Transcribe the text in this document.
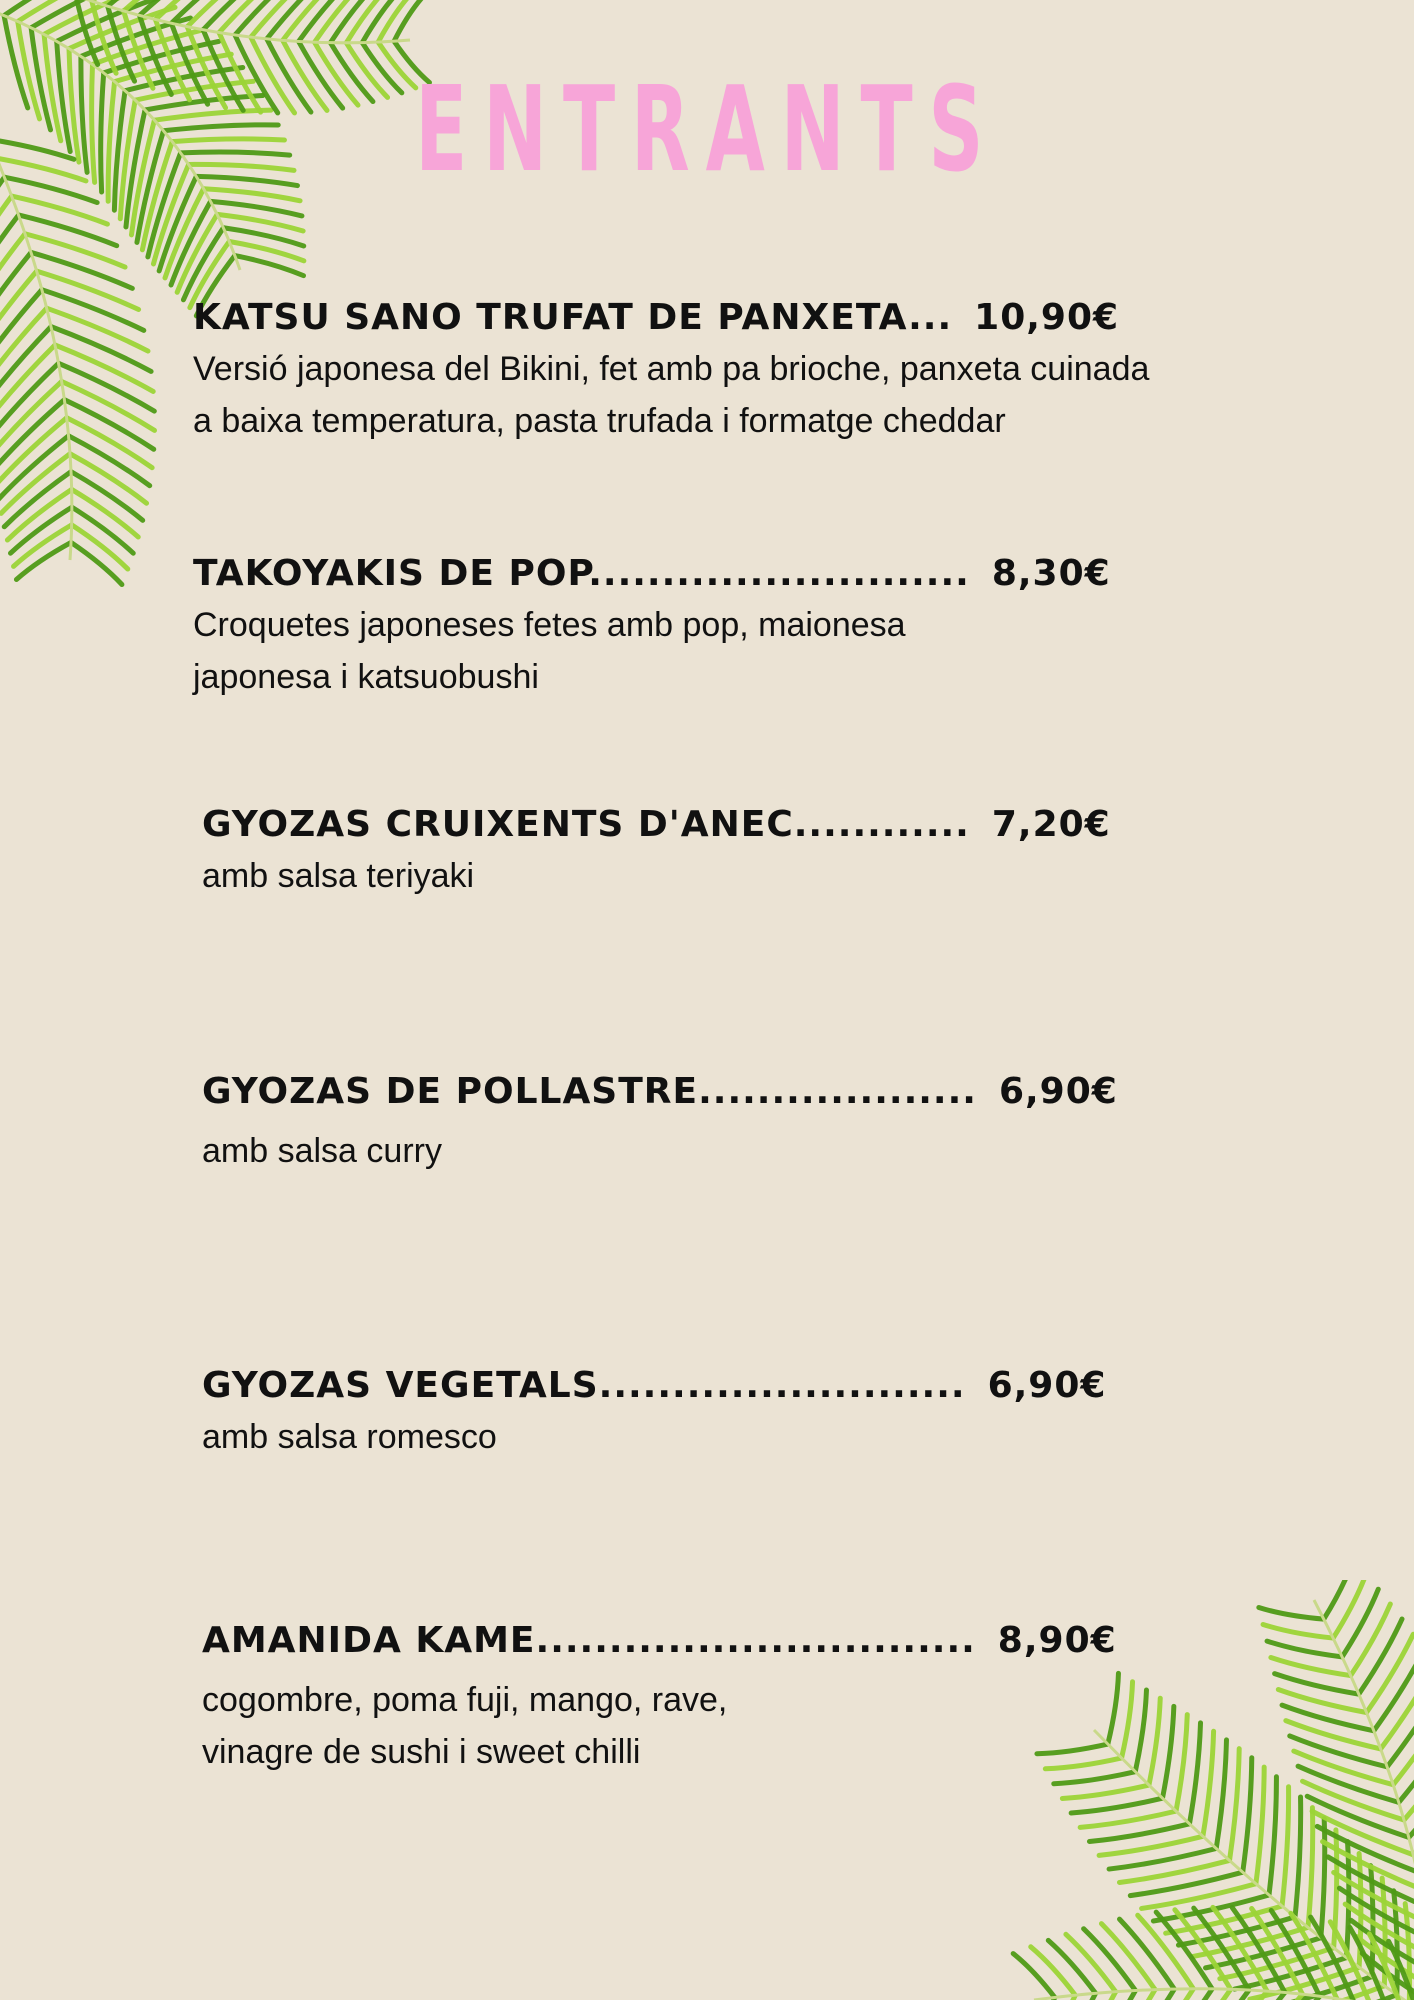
ENTRANTS

KATSU SANO TRUFAT DE PANXETA... 10,90€

Versió japonesa del Bikini, fet amb pa brioche, panxeta cuinada
a baixa temperatura, pasta trufada i formatge cheddar

TAKOYAKIS DE POP.......................... 8,30€

Croquetes japoneses fetes amb pop, maionesa
japonesa i katsuobushi

GYOZAS CRUIXENTS D'ANEC............ 7,20€

amb salsa teriyaki

GYOZAS DE POLLASTRE................... 6,90€

amb salsa curry

GYOZAS VEGETALS......................... 6,90€

amb salsa romesco

AMANIDA KAME.............................. 8,90€

cogombre, poma fuji, mango, rave,
vinagre de sushi i sweet chilli
